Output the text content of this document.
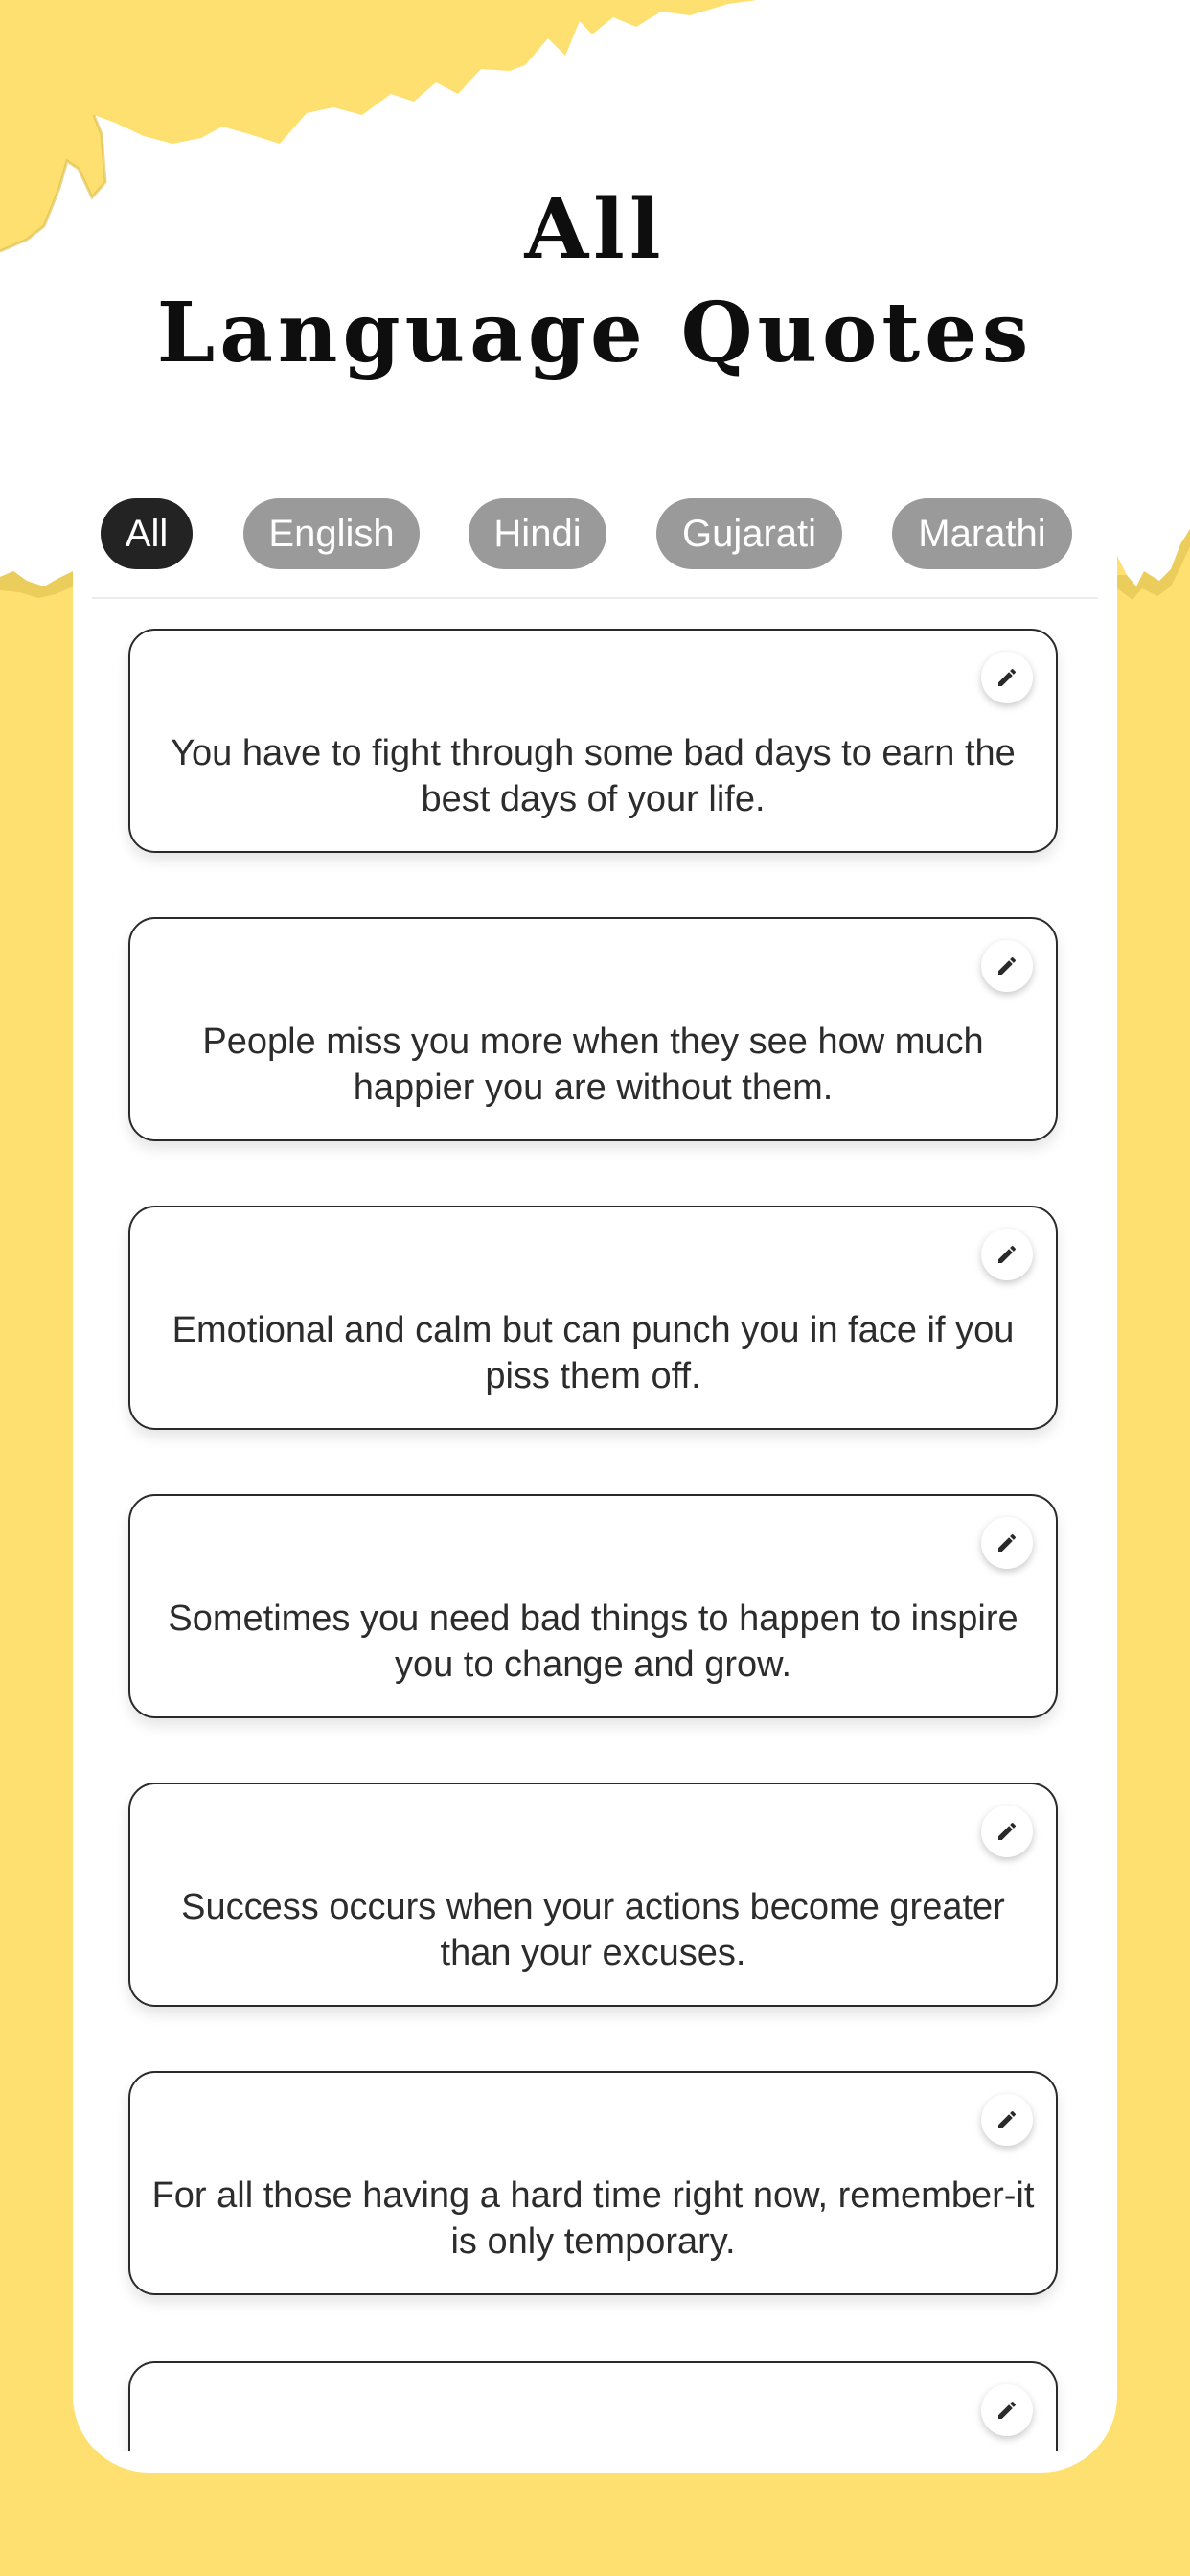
All
Language Quotes
All	English	Hindi	Gujarati	Marathi
You have to fight through some bad days to earn the best days of your life.
People miss you more when they see how much happier you are without them.
Emotional and calm but can punch you in face if you piss them off.
Sometimes you need bad things to happen to inspire you to change and grow.
Success occurs when your actions become greater than your excuses.
For all those having a hard time right now, remember-it is only temporary.
